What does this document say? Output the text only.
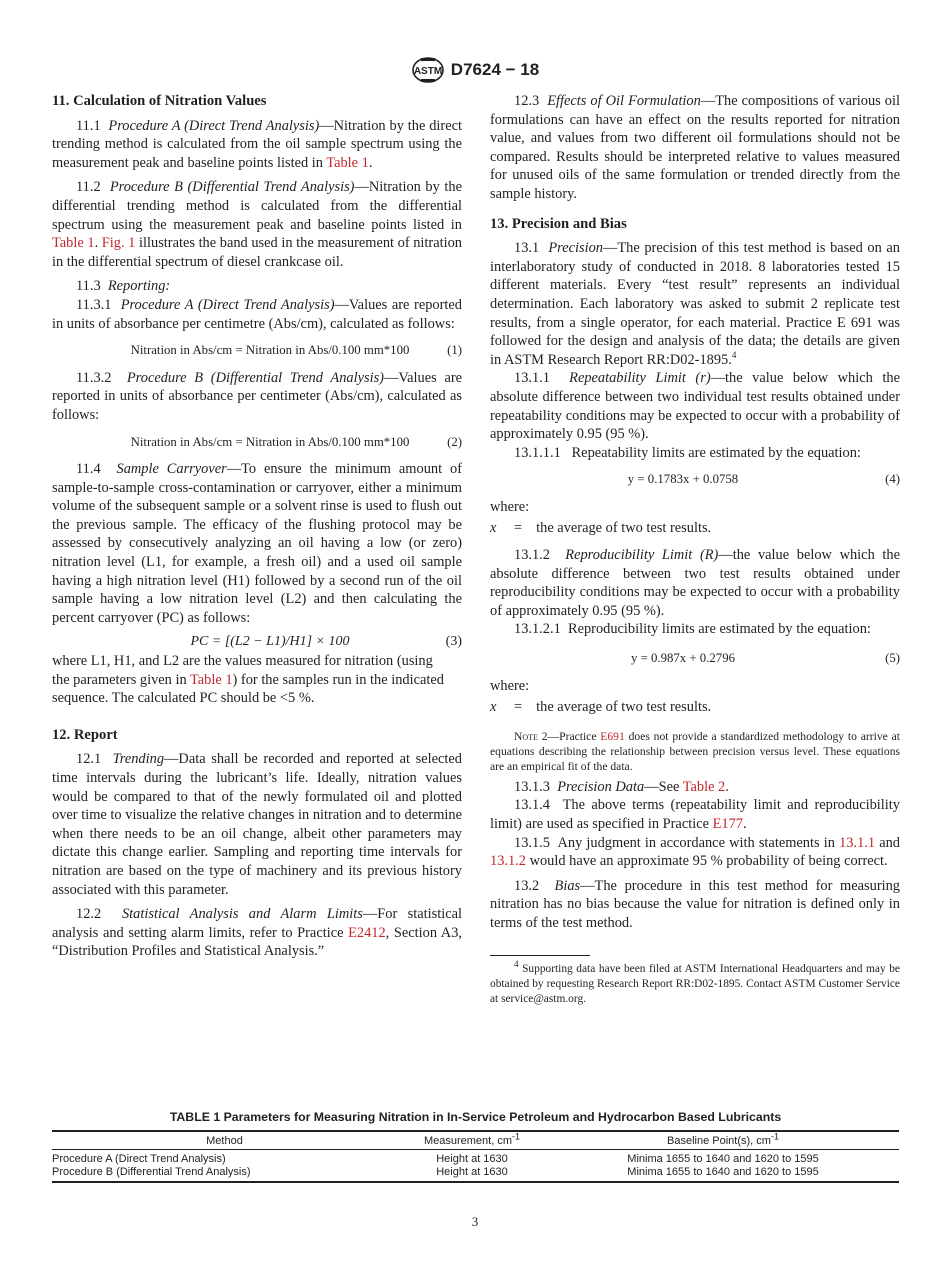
ASTM D7624 − 18
11. Calculation of Nitration Values

11.1 Procedure A (Direct Trend Analysis)—Nitration by the direct trending method is calculated from the oil sample spectrum using the measurement peak and baseline points listed in Table 1.

11.2 Procedure B (Differential Trend Analysis)—Nitration by the differential trending method is calculated from the differential spectrum using the measurement peak and baseline points listed in Table 1. Fig. 1 illustrates the band used in the measurement of nitration in the differential spectrum of diesel crankcase oil.

11.3 Reporting:

11.3.1 Procedure A (Direct Trend Analysis)—Values are reported in units of absorbance per centimetre (Abs/cm), calculated as follows:

Nitration in Abs/cm = Nitration in Abs/0.100 mm*100	(1)

11.3.2 Procedure B (Differential Trend Analysis)—Values are reported in units of absorbance per centimeter (Abs/cm), calculated as follows:

Nitration in Abs/cm = Nitration in Abs/0.100 mm*100	(2)

11.4 Sample Carryover—To ensure the minimum amount of sample-to-sample cross-contamination or carryover, either a minimum volume of the subsequent sample or a solvent rinse is used to flush out the previous sample. The efficacy of the flushing protocol may be assessed by consecutively analyzing an oil having a low (or zero) nitration level (L1, for example, a fresh oil) and a used oil sample having a high nitration level (H1) followed by a second run of the oil sample having a low nitration level (L2) and then calculating the percent carryover (PC) as follows:

PC = [(L2 − L1)/H1] × 100	(3)

where L1, H1, and L2 are the values measured for nitration (using the parameters given in Table 1) for the samples run in the indicated sequence. The calculated PC should be <5 %.

12. Report

12.1 Trending—Data shall be recorded and reported at selected time intervals during the lubricant’s life. Ideally, nitration values would be compared to that of the newly formulated oil and plotted over time to visualize the relative changes in nitration and to determine when there needs to be an oil change, albeit other parameters may dictate this change earlier. Sampling and reporting time intervals for nitration are based on the type of machinery and its previous history associated with this parameter.

12.2 Statistical Analysis and Alarm Limits—For statistical analysis and setting alarm limits, refer to Practice E2412, Section A3, “Distribution Profiles and Statistical Analysis.”

12.3 Effects of Oil Formulation—The compositions of various oil formulations can have an effect on the results reported for nitration value, and values from two different oil formulations should not be compared. Results should be interpreted relative to values measured for unused oils of the same formulation or trended directly from the sample history.

13. Precision and Bias

13.1 Precision—The precision of this test method is based on an interlaboratory study of conducted in 2018. 8 laboratories tested 15 different materials. Every “test result” represents an individual determination. Each laboratory was asked to submit 2 replicate test results, from a single operator, for each material. Practice E 691 was followed for the design and analysis of the data; the details are given in ASTM Research Report RR:D02-1895.$^4$

13.1.1 Repeatability Limit (r)—the value below which the absolute difference between two individual test results obtained under repeatability conditions may be expected to occur with a probability of approximately 0.95 (95 %).

13.1.1.1 Repeatability limits are estimated by the equation:

y = 0.1783x + 0.0758	(4)

where:

x = the average of two test results.

13.1.2 Reproducibility Limit (R)—the value below which the absolute difference between two test results obtained under reproducibility conditions may be expected to occur with a probability of approximately 0.95 (95 %).

13.1.2.1 Reproducibility limits are estimated by the equation:

y = 0.987x + 0.2796	(5)

where:

x = the average of two test results.
Note 2—Practice E691 does not provide a standardized methodology to arrive at equations describing the relationship between precision versus level. These equations are an empirical fit of the data.

13.1.3 Precision Data—See Table 2.

13.1.4 The above terms (repeatability limit and reproducibility limit) are used as specified in Practice E177.

13.1.5 Any judgment in accordance with statements in 13.1.1 and 13.1.2 would have an approximate 95 % probability of being correct.

13.2 Bias—The procedure in this test method for measuring nitration has no bias because the value for nitration is defined only in terms of the test method.

$^4$ Supporting data have been filed at ASTM International Headquarters and may be obtained by requesting Research Report RR:D02-1895. Contact ASTM Customer Service at service@astm.org.
TABLE 1 Parameters for Measuring Nitration in In-Service Petroleum and Hydrocarbon Based Lubricants
Method	Measurement, $cm^{-1}$	Baseline Point(s), $cm^{-1}$
Procedure A (Direct Trend Analysis)	Height at 1630	Minima 1655 to 1640 and 1620 to 1595
Procedure B (Differential Trend Analysis)	Height at 1630	Minima 1655 to 1640 and 1620 to 1595
3
